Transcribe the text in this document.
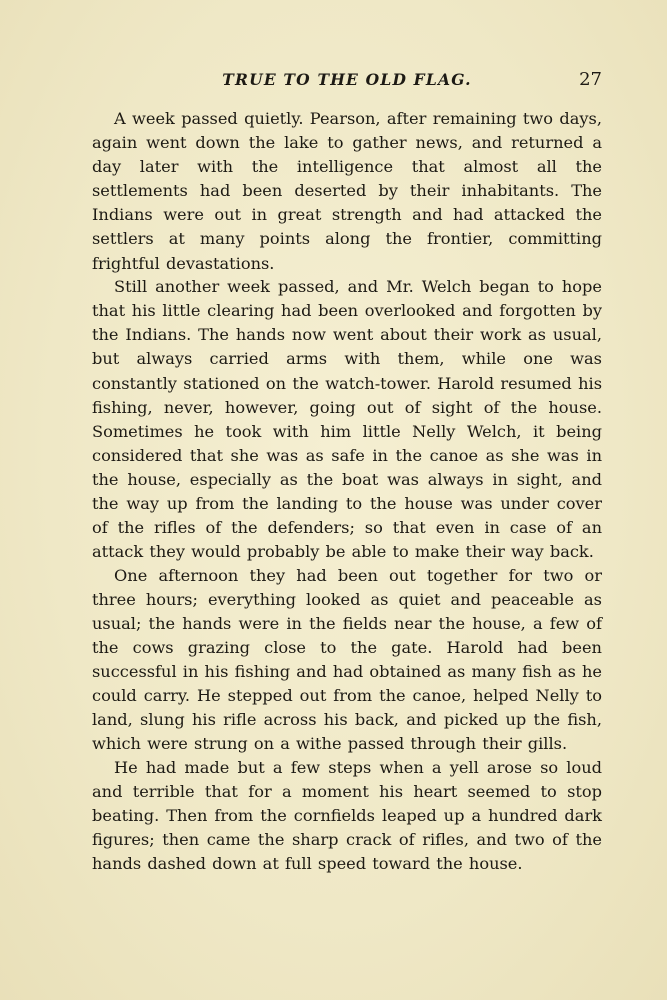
TRUE TO THE OLD FLAG.	27

A week passed quietly. Pearson, after remaining two days, again went down the lake to gather news, and returned a day later with the intelligence that almost all the settlements had been deserted by their inhabitants. The Indians were out in great strength and had attacked the settlers at many points along the frontier, committing frightful devastations.

Still another week passed, and Mr. Welch began to hope that his little clearing had been overlooked and forgotten by the Indians. The hands now went about their work as usual, but always carried arms with them, while one was constantly stationed on the watch-tower. Harold resumed his fishing, never, however, going out of sight of the house. Sometimes he took with him little Nelly Welch, it being considered that she was as safe in the canoe as she was in the house, especially as the boat was always in sight, and the way up from the landing to the house was under cover of the rifles of the defenders; so that even in case of an attack they would probably be able to make their way back.

One afternoon they had been out together for two or three hours; everything looked as quiet and peaceable as usual; the hands were in the fields near the house, a few of the cows grazing close to the gate. Harold had been successful in his fishing and had obtained as many fish as he could carry. He stepped out from the canoe, helped Nelly to land, slung his rifle across his back, and picked up the fish, which were strung on a withe passed through their gills.

He had made but a few steps when a yell arose so loud and terrible that for a moment his heart seemed to stop beating. Then from the cornfields leaped up a hundred dark figures; then came the sharp crack of rifles, and two of the hands dashed down at full speed toward the house.
